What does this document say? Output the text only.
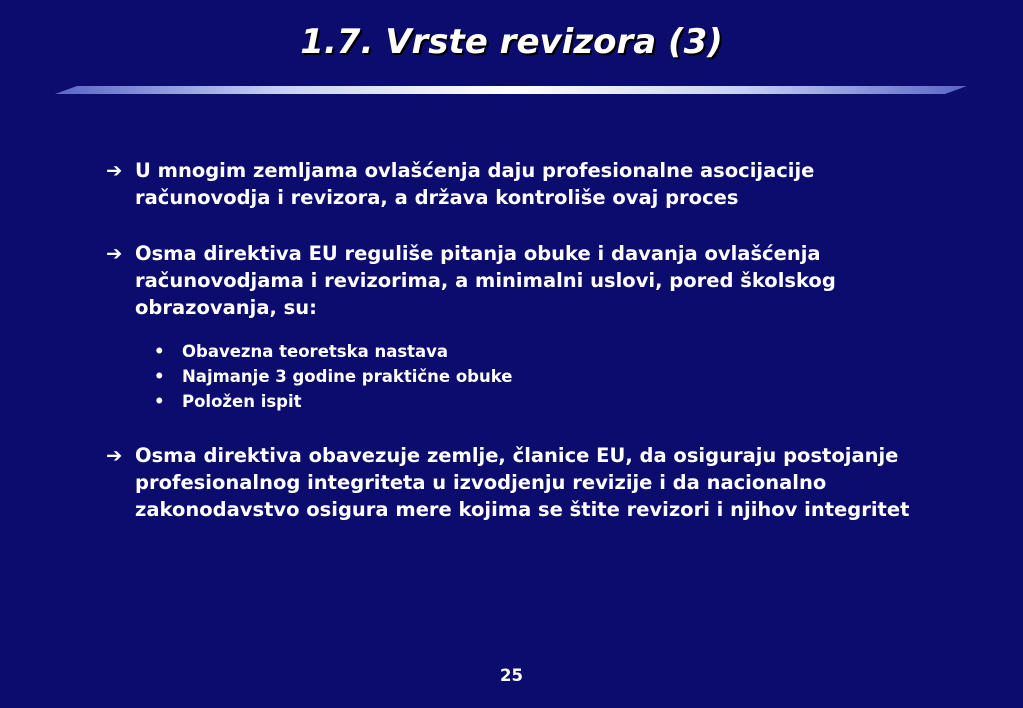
1.7. Vrste revizora (3)
➔ U mnogim zemljama ovlašćenja daju profesionalne asocijacije
računovodja i revizora, a država kontroliše ovaj proces
➔ Osma direktiva EU reguliše pitanja obuke i davanja ovlašćenja
računovodjama i revizorima, a minimalni uslovi, pored školskog
obrazovanja, su:
• Obavezna teoretska nastava
• Najmanje 3 godine praktične obuke
• Položen ispit
➔ Osma direktiva obavezuje zemlje, članice EU, da osiguraju postojanje
profesionalnog integriteta u izvodjenju revizije i da nacionalno
zakonodavstvo osigura mere kojima se štite revizori i njihov integritet
25
